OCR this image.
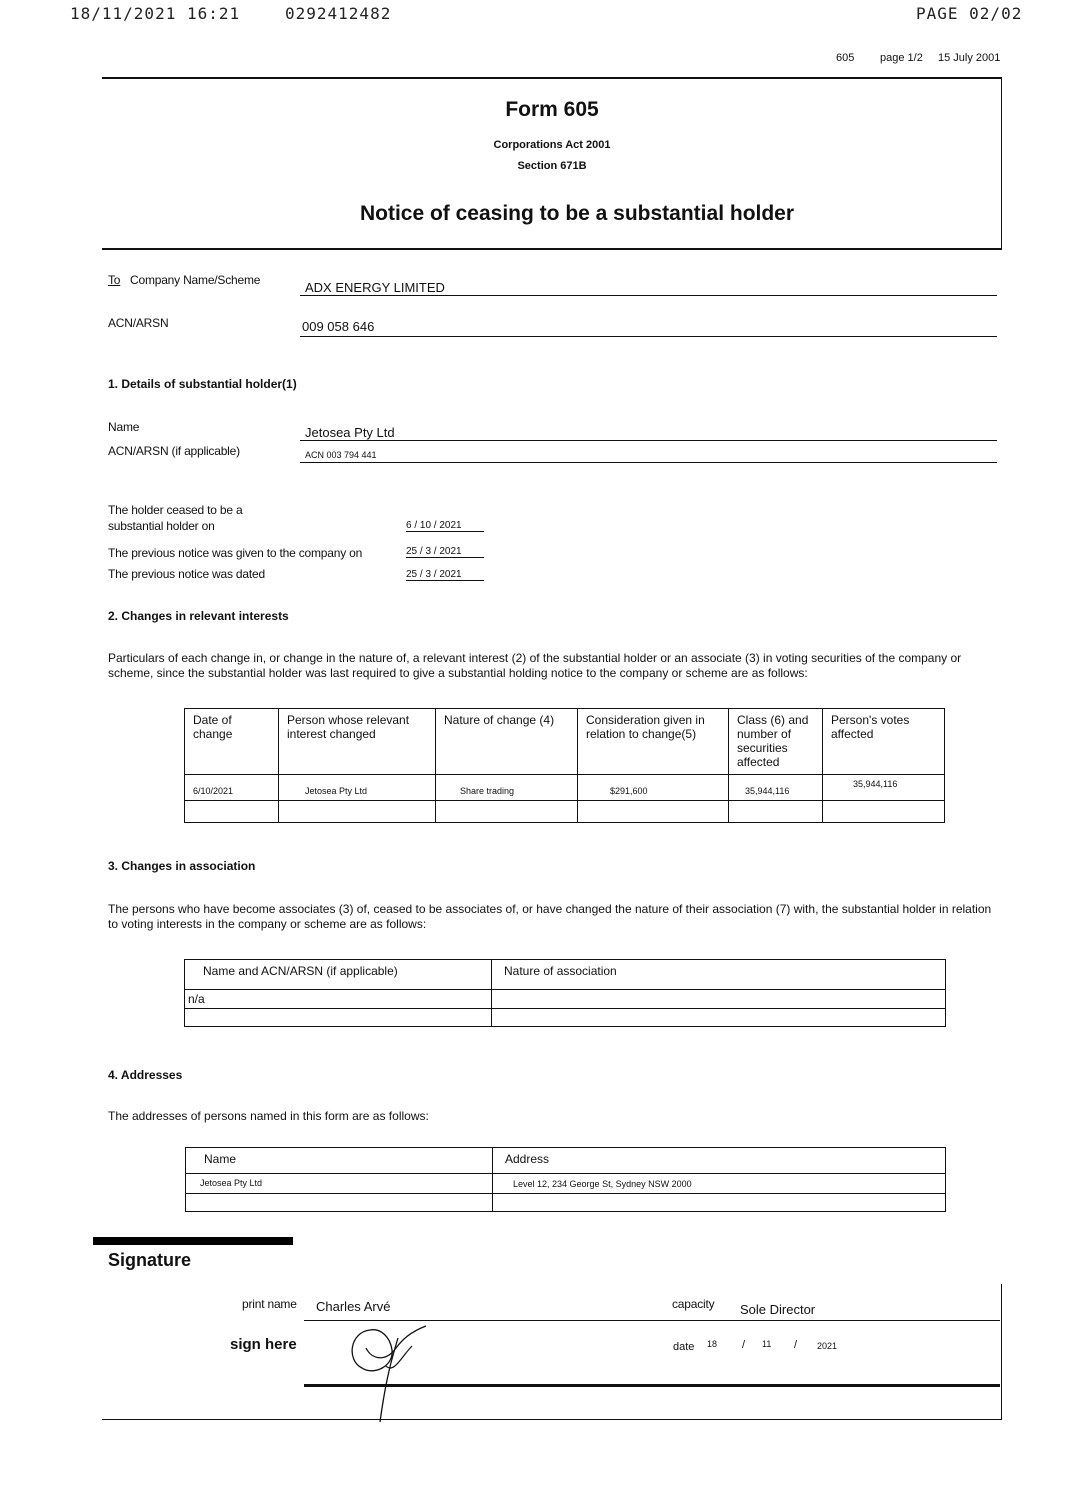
18/11/2021 16:21	0292412482	PAGE 02/02
605 page 1/2 15 July 2001
Form 605
Corporations Act 2001
Section 671B
Notice of ceasing to be a substantial holder
To Company Name/Scheme	ADX ENERGY LIMITED
ACN/ARSN	009 058 646
1. Details of substantial holder(1)
Name	Jetosea Pty Ltd
ACN/ARSN (if applicable)	ACN 003 794 441
The holder ceased to be a
substantial holder on	6 / 10 / 2021
The previous notice was given to the company on	25 / 3 / 2021
The previous notice was dated	25 / 3 / 2021
2. Changes in relevant interests
Particulars of each change in, or change in the nature of, a relevant interest (2) of the substantial holder or an associate (3) in voting securities of the company or scheme, since the substantial holder was last required to give a substantial holding notice to the company or scheme are as follows:
Date of change	Person whose relevant interest changed	Nature of change (4)	Consideration given in relation to change(5)	Class (6) and number of securities affected	Person's votes affected
6/10/2021	Jetosea Pty Ltd	Share trading	$291,600	35,944,116	35,944,116

3. Changes in association
The persons who have become associates (3) of, ceased to be associates of, or have changed the nature of their association (7) with, the substantial holder in relation to voting interests in the company or scheme are as follows:
Name and ACN/ARSN (if applicable)	Nature of association
n/a	

4. Addresses
The addresses of persons named in this form are as follows:
Name	Address
Jetosea Pty Ltd	Level 12, 234 George St, Sydney NSW 2000

Signature
print name Charles Arvé	capacity Sole Director
sign here	date 18 / 11 / 2021
